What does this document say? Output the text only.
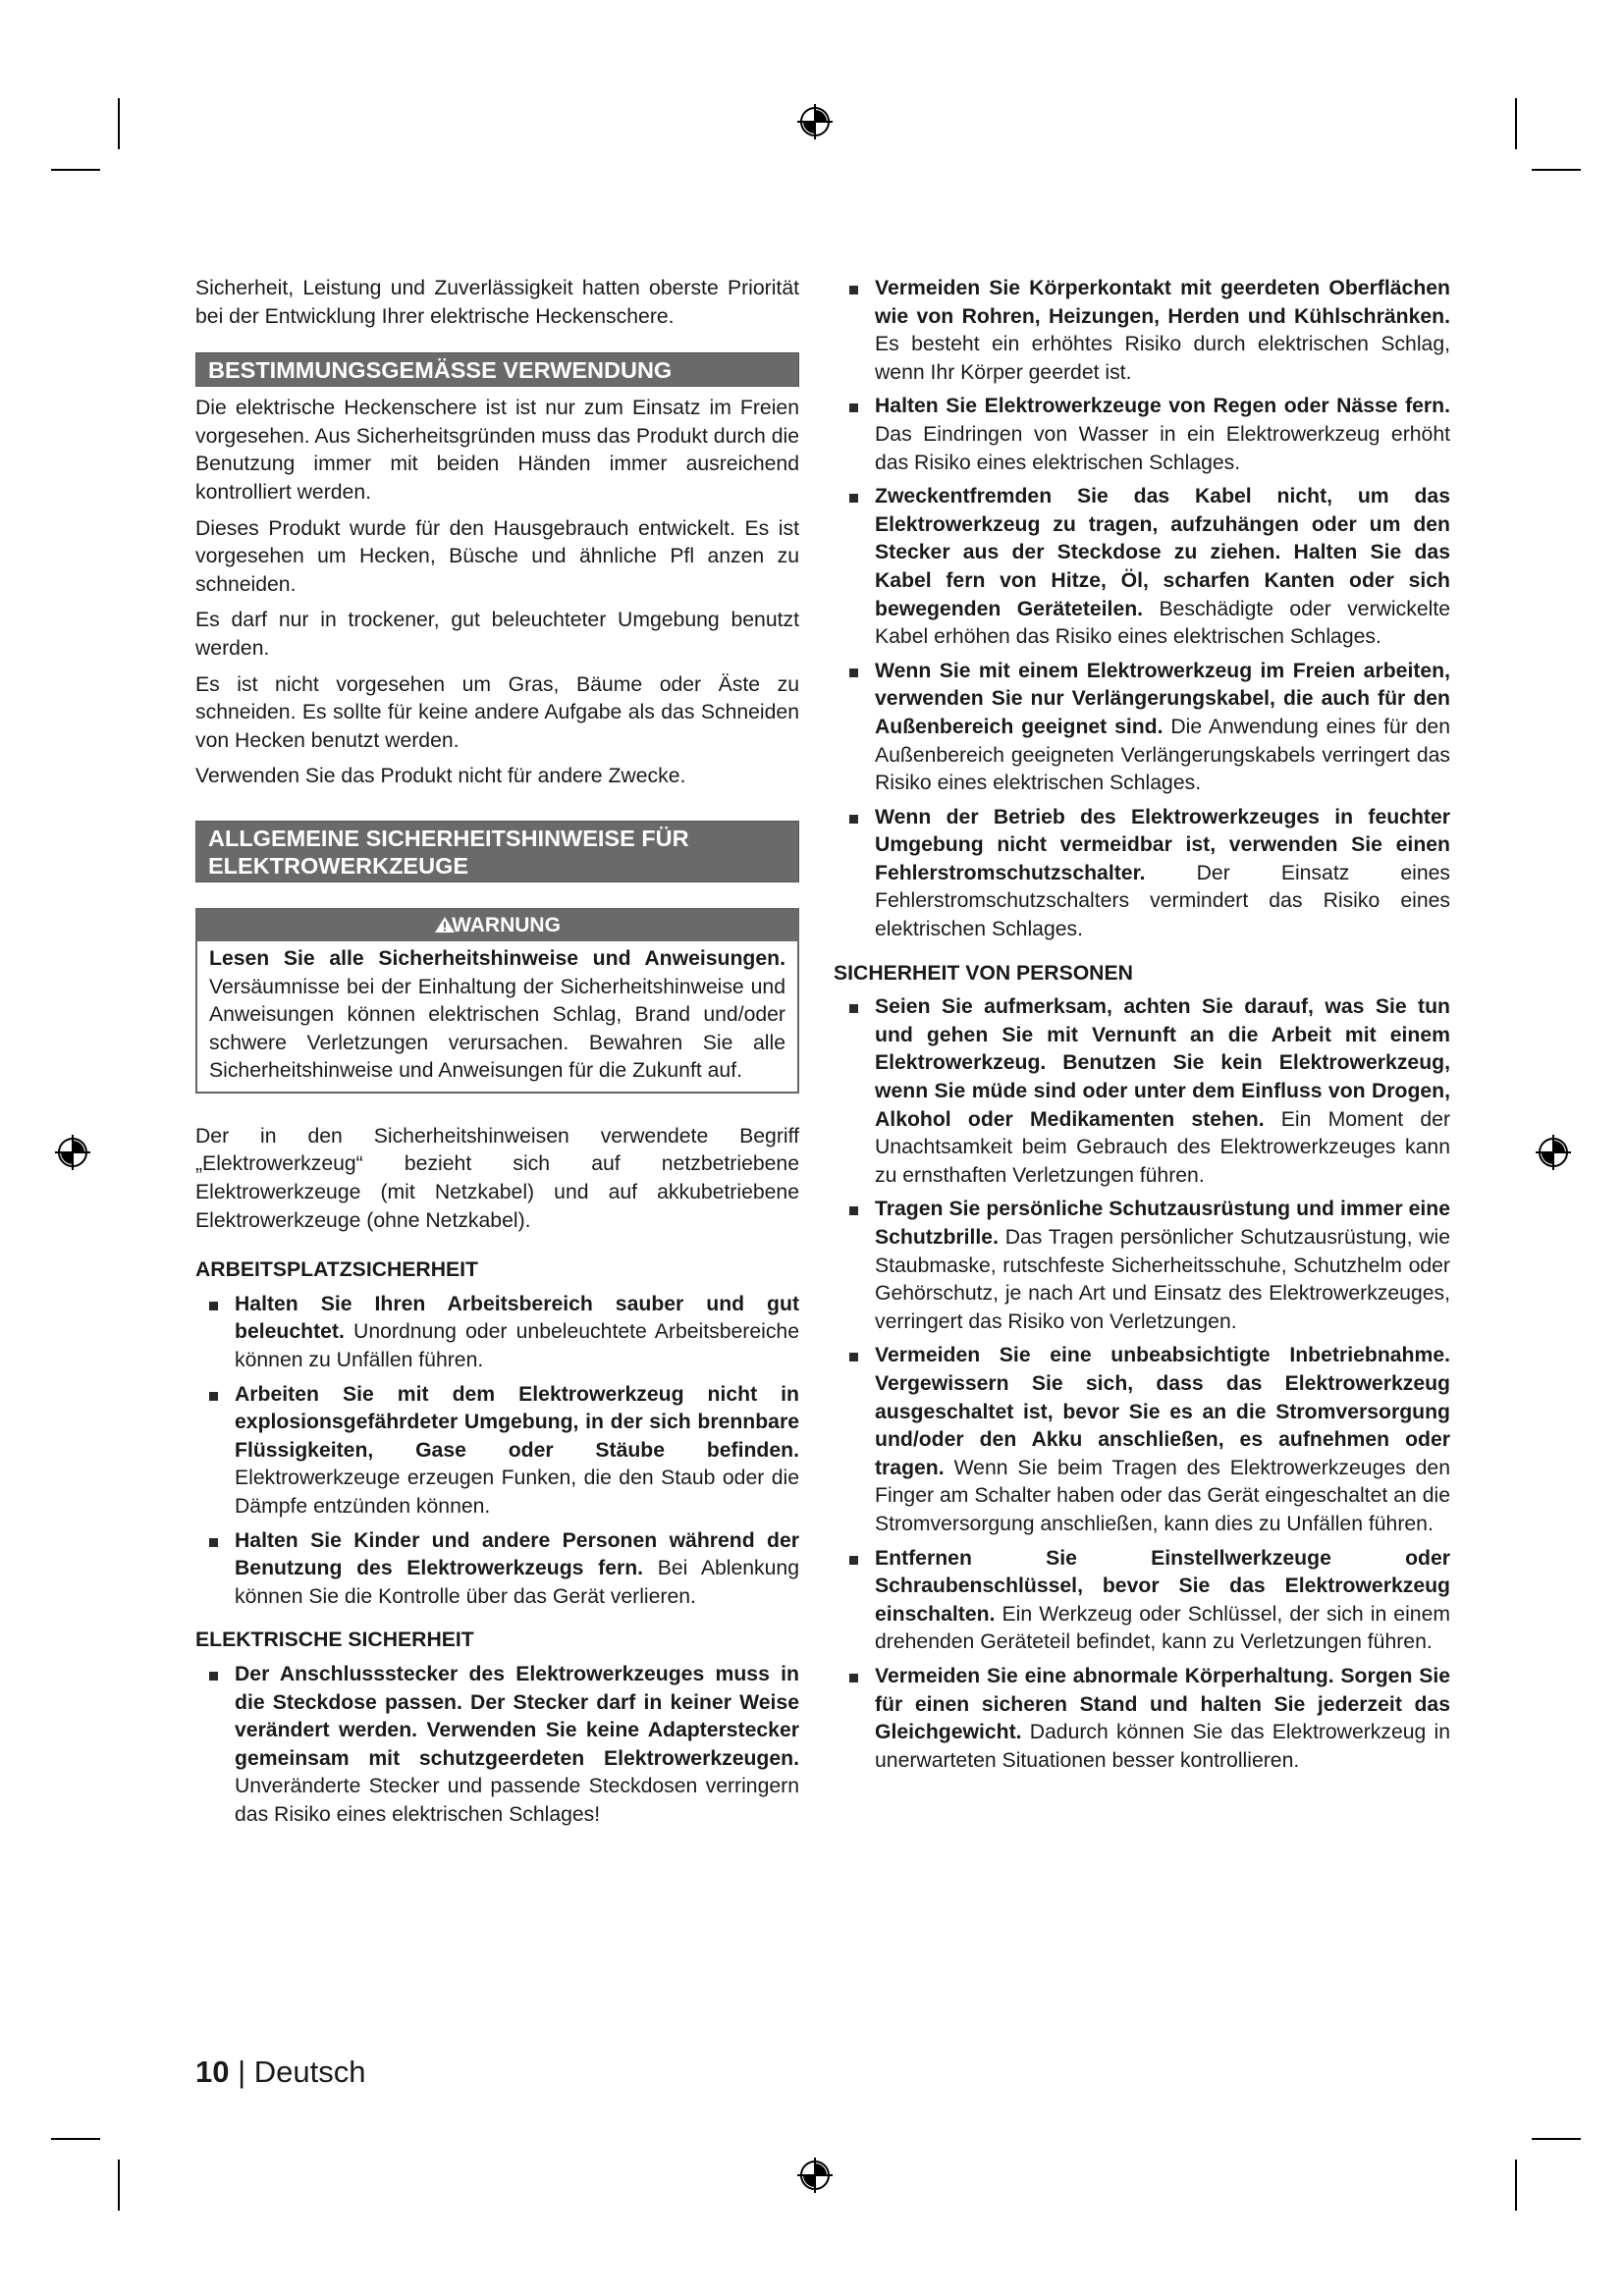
Sicherheit, Leistung und Zuverlässigkeit hatten oberste Priorität bei der Entwicklung Ihrer elektrische Heckenschere.

BESTIMMUNGSGEMÄSSE VERWENDUNG

Die elektrische Heckenschere ist ist nur zum Einsatz im Freien vorgesehen. Aus Sicherheitsgründen muss das Produkt durch die Benutzung immer mit beiden Händen immer ausreichend kontrolliert werden.

Dieses Produkt wurde für den Hausgebrauch entwickelt. Es ist vorgesehen um Hecken, Büsche und ähnliche Pfl anzen zu schneiden.

Es darf nur in trockener, gut beleuchteter Umgebung benutzt werden.

Es ist nicht vorgesehen um Gras, Bäume oder Äste zu schneiden. Es sollte für keine andere Aufgabe als das Schneiden von Hecken benutzt werden.

Verwenden Sie das Produkt nicht für andere Zwecke.

ALLGEMEINE SICHERHEITSHINWEISE FÜR ELEKTROWERKZEUGE
WARNUNG

Lesen Sie alle Sicherheitshinweise und Anweisungen. Versäumnisse bei der Einhaltung der Sicherheitshinweise und Anweisungen können elektrischen Schlag, Brand und/oder schwere Verletzungen verursachen. Bewahren Sie alle Sicherheitshinweise und Anweisungen für die Zukunft auf.

Der in den Sicherheitshinweisen verwendete Begriff „Elektrowerkzeug“ bezieht sich auf netzbetriebene Elektrowerkzeuge (mit Netzkabel) und auf akkubetriebene Elektrowerkzeuge (ohne Netzkabel).

ARBEITSPLATZSICHERHEIT
Halten Sie Ihren Arbeitsbereich sauber und gut beleuchtet. Unordnung oder unbeleuchtete Arbeitsbereiche können zu Unfällen führen.
Arbeiten Sie mit dem Elektrowerkzeug nicht in explosionsgefährdeter Umgebung, in der sich brennbare Flüssigkeiten, Gase oder Stäube befinden. Elektrowerkzeuge erzeugen Funken, die den Staub oder die Dämpfe entzünden können.
Halten Sie Kinder und andere Personen während der Benutzung des Elektrowerkzeugs fern. Bei Ablenkung können Sie die Kontrolle über das Gerät verlieren.
ELEKTRISCHE SICHERHEIT
Der Anschlussstecker des Elektrowerkzeuges muss in die Steckdose passen. Der Stecker darf in keiner Weise verändert werden. Verwenden Sie keine Adapterstecker gemeinsam mit schutzgeerdeten Elektrowerkzeugen. Unveränderte Stecker und passende Steckdosen verringern das Risiko eines elektrischen Schlages!
Vermeiden Sie Körperkontakt mit geerdeten Oberflächen wie von Rohren, Heizungen, Herden und Kühlschränken. Es besteht ein erhöhtes Risiko durch elektrischen Schlag, wenn Ihr Körper geerdet ist.
Halten Sie Elektrowerkzeuge von Regen oder Nässe fern. Das Eindringen von Wasser in ein Elektrowerkzeug erhöht das Risiko eines elektrischen Schlages.
Zweckentfremden Sie das Kabel nicht, um das Elektrowerkzeug zu tragen, aufzuhängen oder um den Stecker aus der Steckdose zu ziehen. Halten Sie das Kabel fern von Hitze, Öl, scharfen Kanten oder sich bewegenden Geräteteilen. Beschädigte oder verwickelte Kabel erhöhen das Risiko eines elektrischen Schlages.
Wenn Sie mit einem Elektrowerkzeug im Freien arbeiten, verwenden Sie nur Verlängerungskabel, die auch für den Außenbereich geeignet sind. Die Anwendung eines für den Außenbereich geeigneten Verlängerungskabels verringert das Risiko eines elektrischen Schlages.
Wenn der Betrieb des Elektrowerkzeuges in feuchter Umgebung nicht vermeidbar ist, verwenden Sie einen Fehlerstromschutzschalter. Der Einsatz eines Fehlerstromschutzschalters vermindert das Risiko eines elektrischen Schlages.
SICHERHEIT VON PERSONEN
Seien Sie aufmerksam, achten Sie darauf, was Sie tun und gehen Sie mit Vernunft an die Arbeit mit einem Elektrowerkzeug. Benutzen Sie kein Elektrowerkzeug, wenn Sie müde sind oder unter dem Einfluss von Drogen, Alkohol oder Medikamenten stehen. Ein Moment der Unachtsamkeit beim Gebrauch des Elektrowerkzeuges kann zu ernsthaften Verletzungen führen.
Tragen Sie persönliche Schutzausrüstung und immer eine Schutzbrille. Das Tragen persönlicher Schutzausrüstung, wie Staubmaske, rutschfeste Sicherheitsschuhe, Schutzhelm oder Gehörschutz, je nach Art und Einsatz des Elektrowerkzeuges, verringert das Risiko von Verletzungen.
Vermeiden Sie eine unbeabsichtigte Inbetriebnahme. Vergewissern Sie sich, dass das Elektrowerkzeug ausgeschaltet ist, bevor Sie es an die Stromversorgung und/oder den Akku anschließen, es aufnehmen oder tragen. Wenn Sie beim Tragen des Elektrowerkzeuges den Finger am Schalter haben oder das Gerät eingeschaltet an die Stromversorgung anschließen, kann dies zu Unfällen führen.
Entfernen Sie Einstellwerkzeuge oder Schraubenschlüssel, bevor Sie das Elektrowerkzeug einschalten. Ein Werkzeug oder Schlüssel, der sich in einem drehenden Geräteteil befindet, kann zu Verletzungen führen.
Vermeiden Sie eine abnormale Körperhaltung. Sorgen Sie für einen sicheren Stand und halten Sie jederzeit das Gleichgewicht. Dadurch können Sie das Elektrowerkzeug in unerwarteten Situationen besser kontrollieren.
10 | Deutsch
